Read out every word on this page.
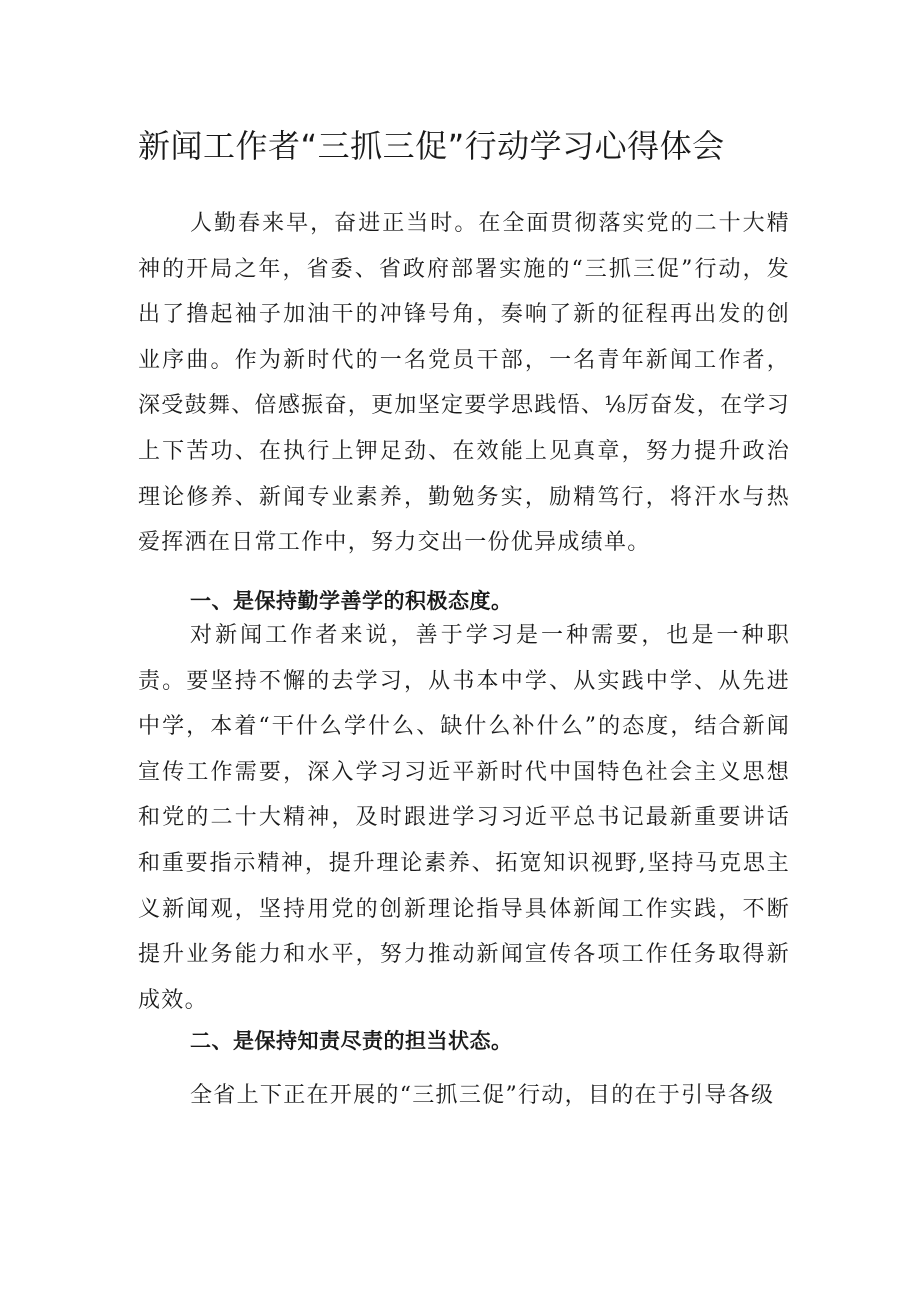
新闻工作者“三抓三促”行动学习心得体会

人勤春来早，奋进正当时。在全面贯彻落实党的二十大精神的开局之年，省委、省政府部署实施的“三抓三促”行动，发出了撸起袖子加油干的冲锋号角，奏响了新的征程再出发的创业序曲。作为新时代的一名党员干部，一名青年新闻工作者，深受鼓舞、倍感振奋，更加坚定要学思践悟、⅛厉奋发，在学习上下苦功、在执行上钾足劲、在效能上见真章，努力提升政治理论修养、新闻专业素养，勤勉务实，励精笃行，将汗水与热爱挥洒在日常工作中，努力交出一份优异成绩单。

一、是保持勤学善学的积极态度。

对新闻工作者来说，善于学习是一种需要，也是一种职责。要坚持不懈的去学习，从书本中学、从实践中学、从先进中学，本着“干什么学什么、缺什么补什么”的态度，结合新闻宣传工作需要，深入学习习近平新时代中国特色社会主义思想和党的二十大精神，及时跟进学习习近平总书记最新重要讲话和重要指示精神，提升理论素养、拓宽知识视野,坚持马克思主义新闻观，坚持用党的创新理论指导具体新闻工作实践，不断提升业务能力和水平，努力推动新闻宣传各项工作任务取得新成效。

二、是保持知责尽责的担当状态。

全省上下正在开展的“三抓三促”行动，目的在于引导各级
